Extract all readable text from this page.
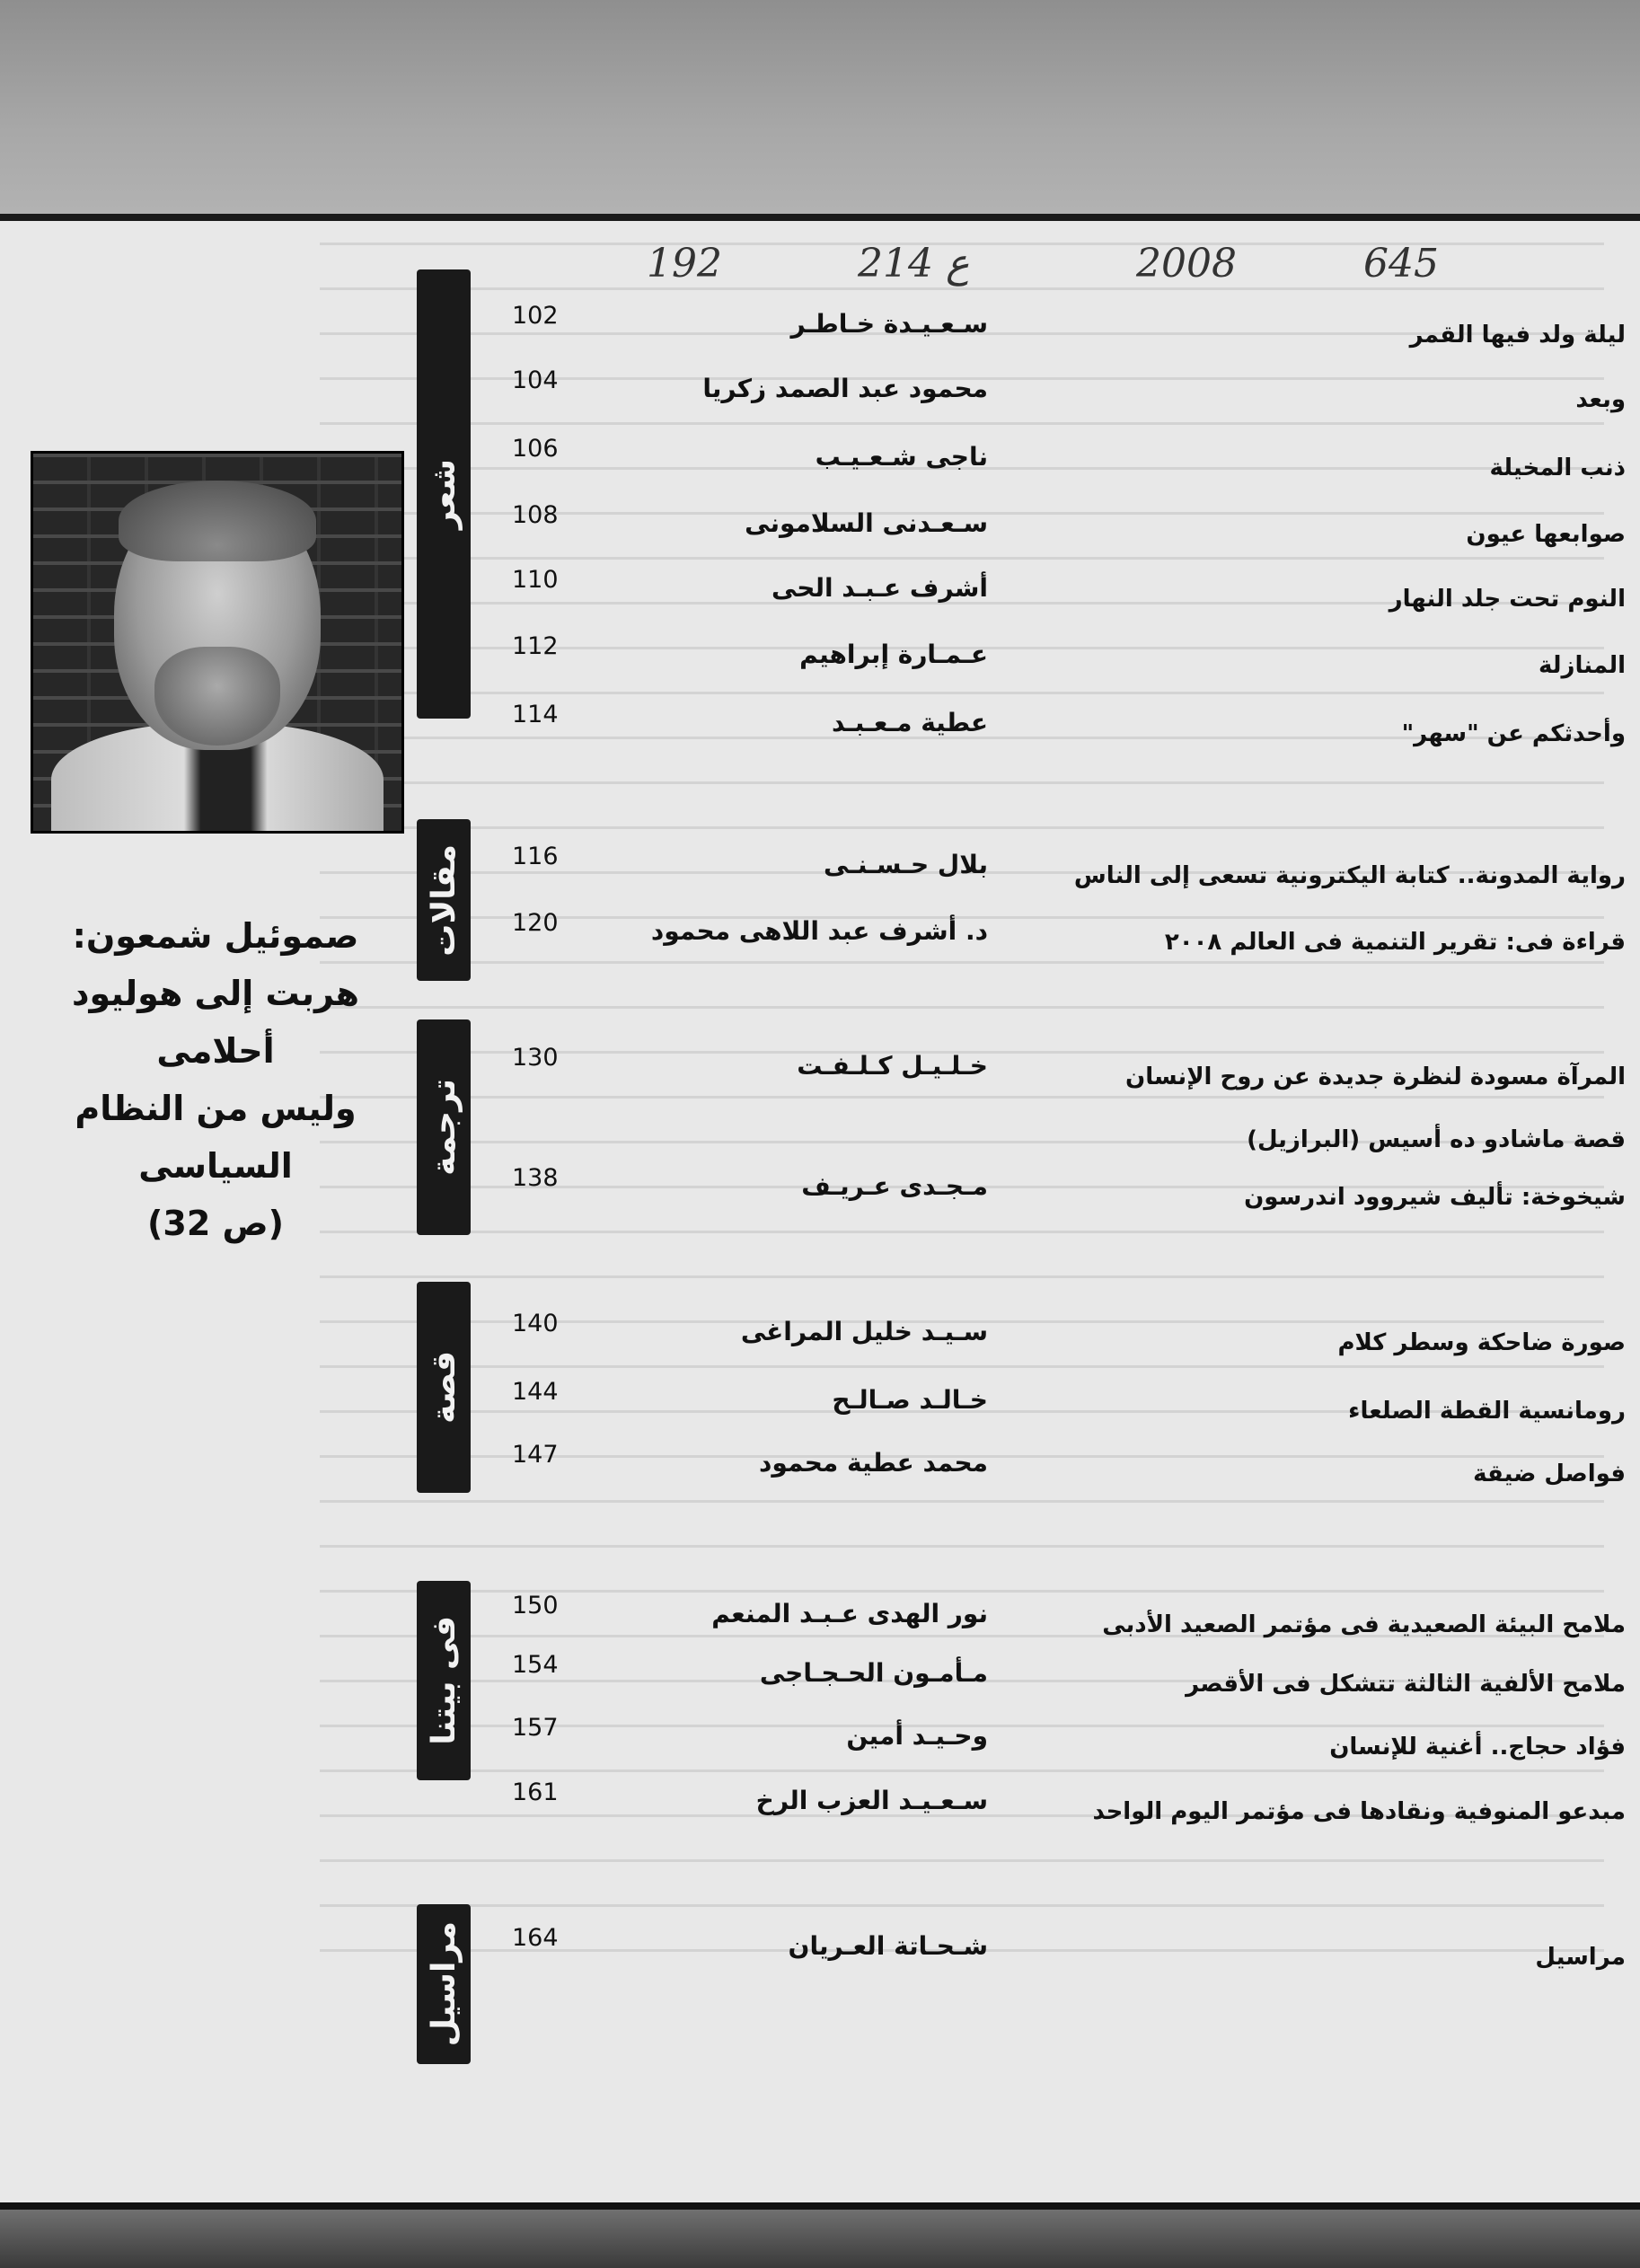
192	214 ع	2008	645
صموئيل شمعون:
هربت إلى هوليود
أحلامى
وليس من النظام
السياسى
(ص 32)
شعر
مقالات
ترجمة
قصة
فى بيتنا
مراسيل
102	سـعـيـدة خـاطـر	ليلة ولد فيها القمر
104	محمود عبد الصمد زكريا	وبعد
106	ناجى شـعـيـب	ذنب المخيلة
108	سـعـدنى السلامونى	صوابعها عيون
110	أشرف عـبـد الحى	النوم تحت جلد النهار
112	عـمـارة إبراهيم	المنازلة
114	عطية مـعـبـد	وأحدثكم عن "سهر"
116	بلال حـسـنـى	رواية المدونة.. كتابة اليكترونية تسعى إلى الناس
120	د. أشرف عبد اللاهى محمود	قراءة فى: تقرير التنمية فى العالم ٢٠٠٨
130	خـلـيـل كـلـفـت	المرآة مسودة لنظرة جديدة عن روح الإنسان
قصة ماشادو ده أسيس (البرازيل)
138	مـجـدى عـريـف	شيخوخة: تأليف شيروود اندرسون
140	سـيـد خليل المراغى	صورة ضاحكة وسطر كلام
144	خـالـد صـالـح	رومانسية القطة الصلعاء
147	محمد عطية محمود	فواصل ضيقة
150	نور الهدى عـبـد المنعم	ملامح البيئة الصعيدية فى مؤتمر الصعيد الأدبى
154	مـأمـون الحـجـاجى	ملامح الألفية الثالثة تتشكل فى الأقصر
157	وحـيـد أمين	فؤاد حجاج.. أغنية للإنسان
161	سـعـيـد العزب الرخ	مبدعو المنوفية ونقادها فى مؤتمر اليوم الواحد
164	شـحـاتة العـريان	مراسيل
